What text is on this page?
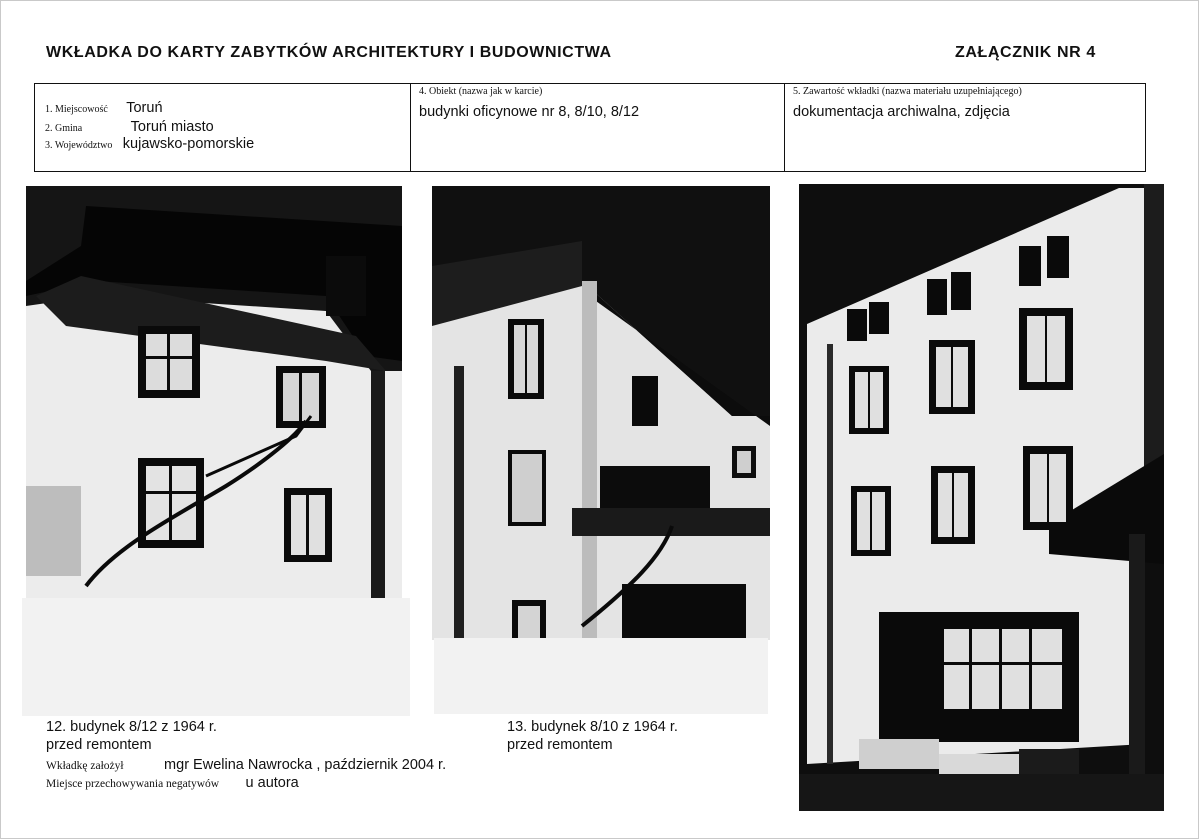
WKŁADKA DO KARTY ZABYTKÓW ARCHITEKTURY I BUDOWNICTWA	ZAŁĄCZNIK NR 4
1. Miejscowość Toruń
2. Gmina	Toruń miasto
3. Województwo kujawsko-pomorskie
4. Obiekt (nazwa jak w karcie)
budynki oficynowe nr 8, 8/10, 8/12
5. Zawartość wkładki (nazwa materiału uzupełniającego)
dokumentacja archiwalna, zdjęcia
12. budynek 8/12 z 1964 r.
przed remontem
13. budynek 8/10 z 1964 r.
przed remontem
Wkładkę założył	mgr Ewelina Nawrocka , październik 2004 r.
Miejsce przechowywania negatywów u autora
